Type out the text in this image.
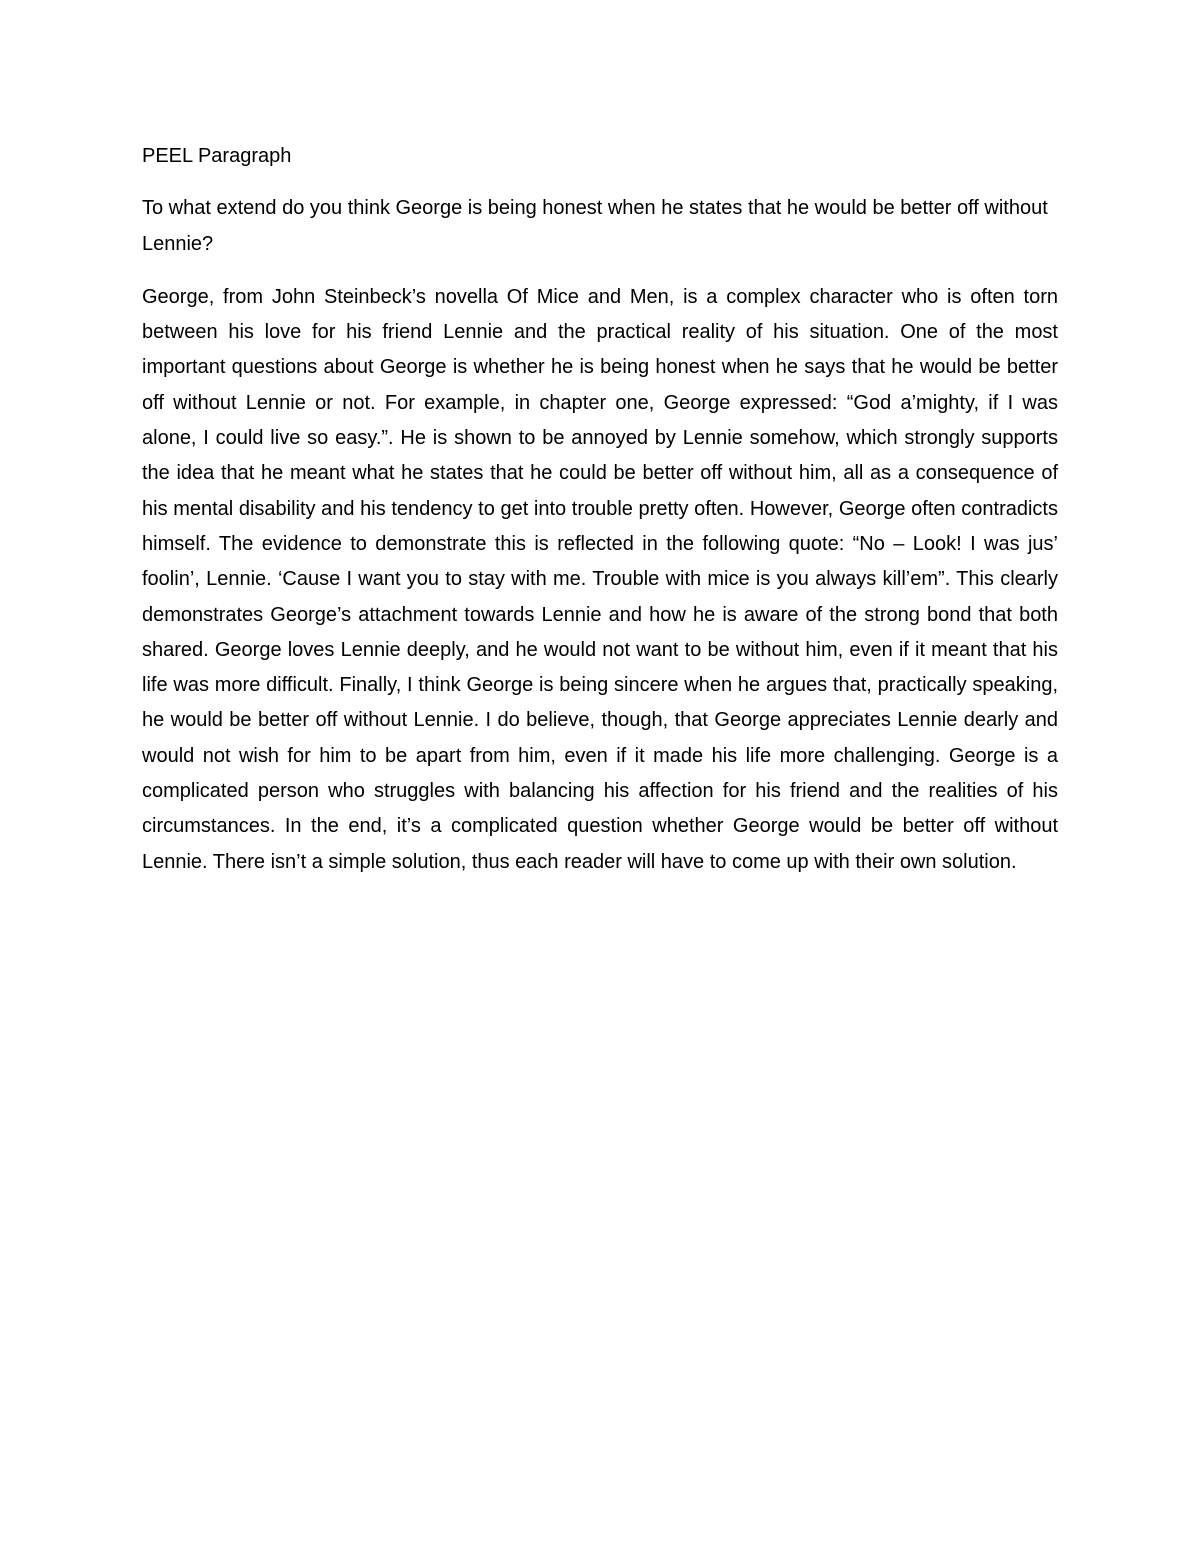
PEEL Paragraph

To what extend do you think George is being honest when he states that he would be better off without Lennie?

George, from John Steinbeck’s novella Of Mice and Men, is a complex character who is often torn between his love for his friend Lennie and the practical reality of his situation. One of the most important questions about George is whether he is being honest when he says that he would be better off without Lennie or not. For example, in chapter one, George expressed: “God a’mighty, if I was alone, I could live so easy.”. He is shown to be annoyed by Lennie somehow, which strongly supports the idea that he meant what he states that he could be better off without him, all as a consequence of his mental disability and his tendency to get into trouble pretty often. However, George often contradicts himself. The evidence to demonstrate this is reflected in the following quote: “No – Look! I was jus’ foolin’, Lennie. ‘Cause I want you to stay with me. Trouble with mice is you always kill’em”. This clearly demonstrates George’s attachment towards Lennie and how he is aware of the strong bond that both shared. George loves Lennie deeply, and he would not want to be without him, even if it meant that his life was more difficult. Finally, I think George is being sincere when he argues that, practically speaking, he would be better off without Lennie. I do believe, though, that George appreciates Lennie dearly and would not wish for him to be apart from him, even if it made his life more challenging. George is a complicated person who struggles with balancing his affection for his friend and the realities of his circumstances. In the end, it’s a complicated question whether George would be better off without Lennie. There isn’t a simple solution, thus each reader will have to come up with their own solution.
